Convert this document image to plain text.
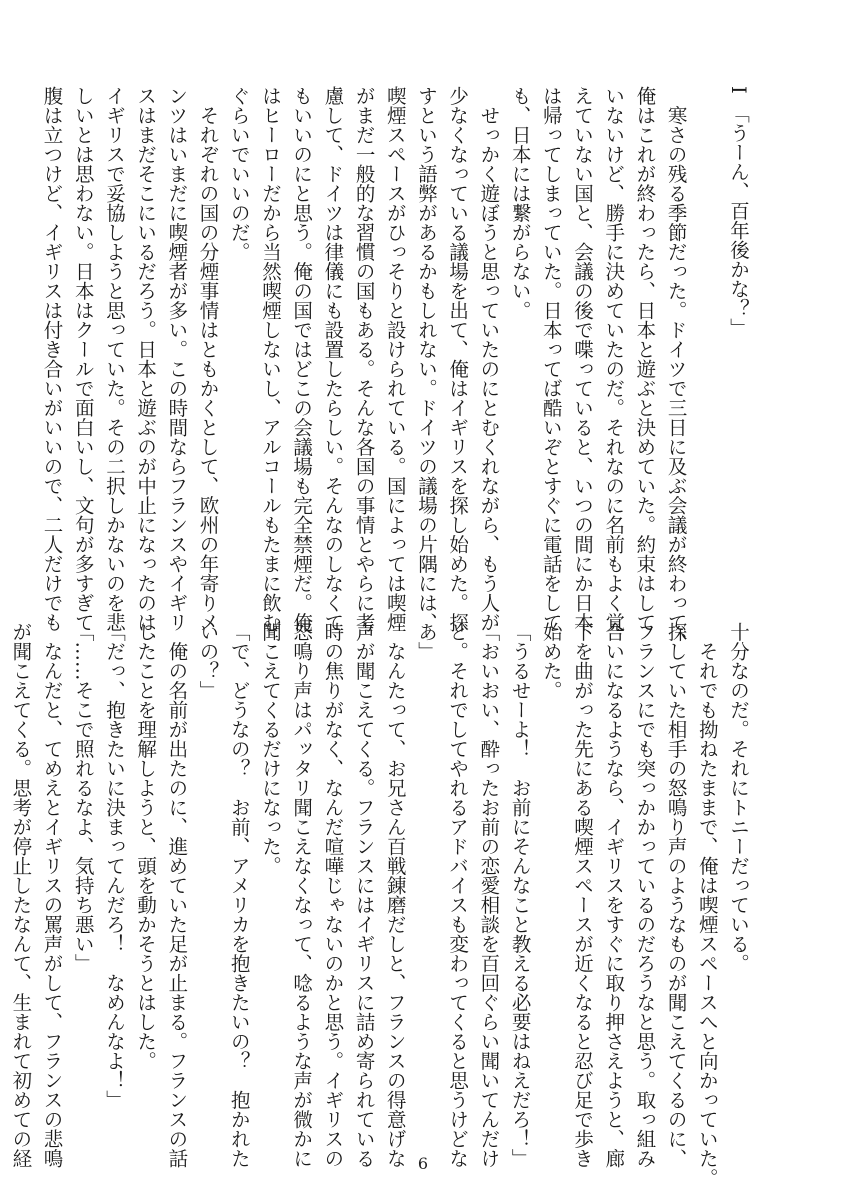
I　「うーん、百年後かな？」

　寒さの残る季節だった。ドイツで三日に及ぶ会議が終わって、

俺はこれが終わったら、日本と遊ぶと決めていた。約束はして

いないけど、勝手に決めていたのだ。それなのに名前もよく覚

えていない国と、会議の後で喋っていると、いつの間にか日本

は帰ってしまっていた。日本ってば酷いぞとすぐに電話をして

も、日本には繋がらない。

　せっかく遊ぼうと思っていたのにとむくれながら、もう人が

少なくなっている議場を出て、俺はイギリスを探し始めた。探

すという語弊があるかもしれない。ドイツの議場の片隅には、

喫煙スペースがひっそりと設けられている。国によっては喫煙

がまだ一般的な習慣の国もある。そんな各国の事情とやらに考

慮して、ドイツは律儀にも設置したらしい。そんなのしなくて

もいいのにと思う。俺の国ではどこの会議場も完全禁煙だ。俺

はヒーローだから当然喫煙しないし、アルコールもたまに飲む

ぐらいでいいのだ。

　それぞれの国の分煙事情はともかくとして、欧州の年寄りメ

ンツはいまだに喫煙者が多い。この時間ならフランスやイギリ

スはまだそこにいるだろう。日本と遊ぶのが中止になったのは、

イギリスで妥協しようと思っていた。その二択しかないのを悲

しいとは思わない。日本はクールで面白いし、文句が多すぎて

腹は立つけど、イギリスは付き合いがいいので、二人だけでも

十分なのだ。それにトニーだっている。

　それでも拗ねたままで、俺は喫煙スペースへと向かっていた。

探していた相手の怒鳴り声のようなものが聞こえてくるのに、

フランスにでも突っかかっているのだろうなと思う。取っ組み

合いになるようなら、イギリスをすぐに取り押さえようと、廊

下を曲がった先にある喫煙スペースが近くなると忍び足で歩き

始めた。

「うるせーよ！　お前にそんなこと教える必要はねえだろ！」

「おいおい、酔ったお前の恋愛相談を百回ぐらい聞いてんだけ

ど。それでしてやれるアドバイスも変わってくると思うけどな

あ」

　なんたって、お兄さん百戦錬磨だしと、フランスの得意げな

声が聞こえてくる。フランスにはイギリスに詰め寄られている

時の焦りがなく、なんだ喧嘩じゃないのかと思う。イギリスの

怒鳴り声はパッタリ聞こえなくなって、唸るような声が微かに

聞こえてくるだけになった。

「で、どうなの？　お前、アメリカを抱きたいの？　抱かれた

いの？」

　俺の名前が出たのに、進めていた足が止まる。フランスの話

したことを理解しようと、頭を動かそうとはした。

「だっ、抱きたいに決まってんだろ！　なめんなよ！」

「……そこで照れるなよ、気持ち悪い」

　なんだと、てめえとイギリスの罵声がして、フランスの悲鳴

が聞こえてくる。思考が停止したなんて、生まれて初めての経	6
